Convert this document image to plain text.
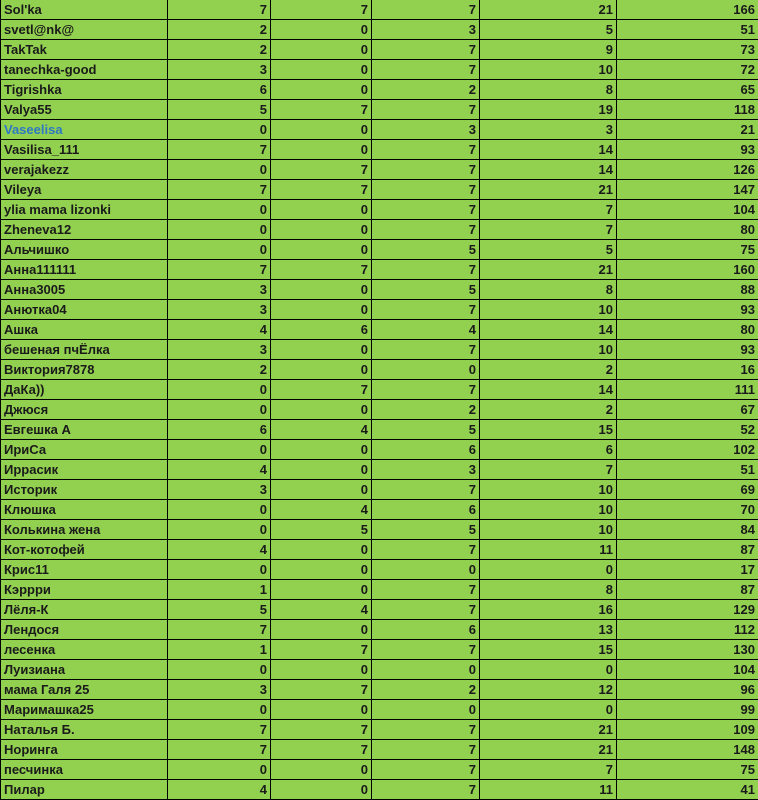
Sol'ka	7	7	7	21	166
svetl@nk@	2	0	3	5	51
TakTak	2	0	7	9	73
tanechka-good	3	0	7	10	72
Tigrishka	6	0	2	8	65
Valya55	5	7	7	19	118
Vaseelisa	0	0	3	3	21
Vasilisa_111	7	0	7	14	93
verajakezz	0	7	7	14	126
Vileya	7	7	7	21	147
ylia mama lizonki	0	0	7	7	104
Zheneva12	0	0	7	7	80
Альчишко	0	0	5	5	75
Анна111111	7	7	7	21	160
Анна3005	3	0	5	8	88
Анютка04	3	0	7	10	93
Ашка	4	6	4	14	80
бешеная пчЁлка	3	0	7	10	93
Виктория7878	2	0	0	2	16
ДаКа))	0	7	7	14	111
Джюся	0	0	2	2	67
Евгешка А	6	4	5	15	52
ИриСа	0	0	6	6	102
Иррасик	4	0	3	7	51
Историк	3	0	7	10	69
Клюшка	0	4	6	10	70
Колькина жена	0	5	5	10	84
Кот-котофей	4	0	7	11	87
Крис11	0	0	0	0	17
Кэррри	1	0	7	8	87
Лёля-К	5	4	7	16	129
Лендося	7	0	6	13	112
лесенка	1	7	7	15	130
Луизиана	0	0	0	0	104
мама Галя 25	3	7	2	12	96
Маримашка25	0	0	0	0	99
Наталья Б.	7	7	7	21	109
Норинга	7	7	7	21	148
песчинка	0	0	7	7	75
Пилар	4	0	7	11	41
